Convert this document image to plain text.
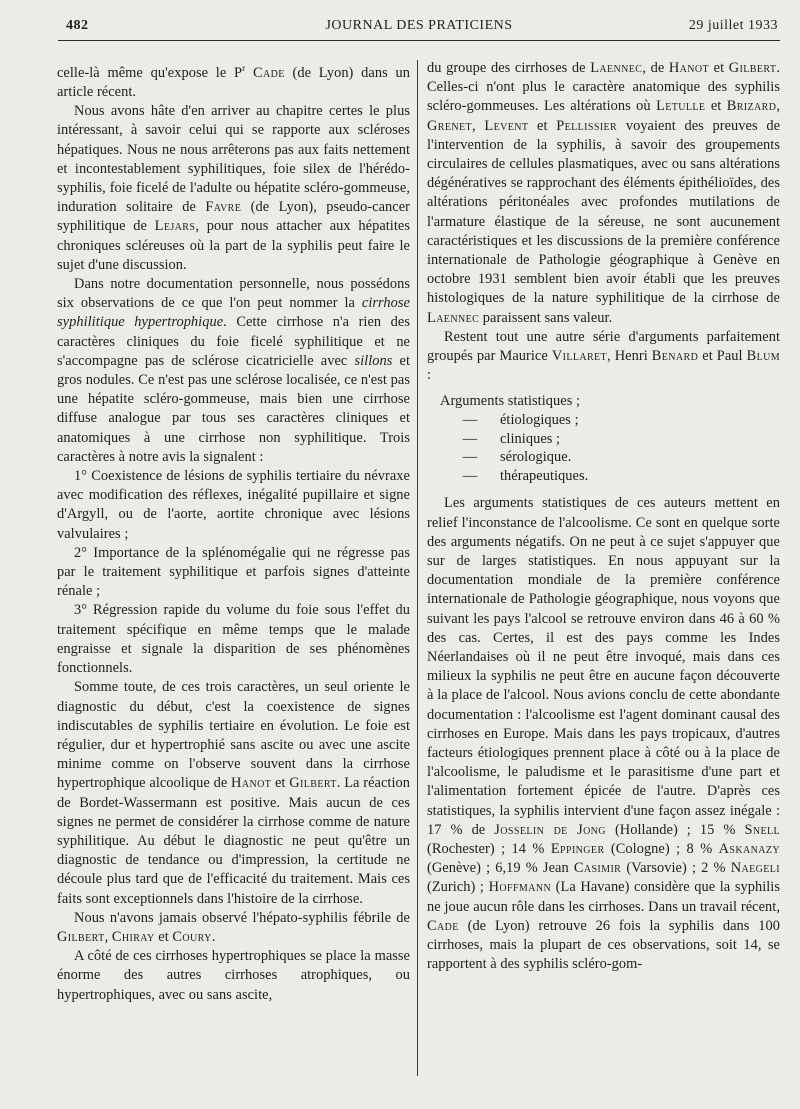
482	JOURNAL DES PRATICIENS	29 juillet 1933

celle-là même qu'expose le $P^r$ Cade (de Lyon) dans un article récent.

Nous avons hâte d'en arriver au chapitre certes le plus intéressant, à savoir celui qui se rapporte aux scléroses hépatiques. Nous ne nous arrêterons pas aux faits nettement et incontestablement syphilitiques, foie silex de l'hérédo-syphilis, foie ficelé de l'adulte ou hépatite scléro-gommeuse, induration solitaire de Favre (de Lyon), pseudo-cancer syphilitique de Lejars, pour nous attacher aux hépatites chroniques scléreuses où la part de la syphilis peut faire le sujet d'une discussion.

Dans notre documentation personnelle, nous possédons six observations de ce que l'on peut nommer la cirrhose syphilitique hypertrophique. Cette cirrhose n'a rien des caractères cliniques du foie ficelé syphilitique et ne s'accompagne pas de sclérose cicatricielle avec sillons et gros nodules. Ce n'est pas une sclérose localisée, ce n'est pas une hépatite scléro-gommeuse, mais bien une cirrhose diffuse analogue par tous ses caractères cliniques et anatomiques à une cirrhose non syphilitique. Trois caractères à notre avis la signalent :

1° Coexistence de lésions de syphilis tertiaire du névraxe avec modification des réflexes, inégalité pupillaire et signe d'Argyll, ou de l'aorte, aortite chronique avec lésions valvulaires ;

2° Importance de la splénomégalie qui ne régresse pas par le traitement syphilitique et parfois signes d'atteinte rénale ;

3° Régression rapide du volume du foie sous l'effet du traitement spécifique en même temps que le malade engraisse et signale la disparition de ses phénomènes fonctionnels.

Somme toute, de ces trois caractères, un seul oriente le diagnostic du début, c'est la coexistence de signes indiscutables de syphilis tertiaire en évolution. Le foie est régulier, dur et hypertrophié sans ascite ou avec une ascite minime comme on l'observe souvent dans la cirrhose hypertrophique alcoolique de Hanot et Gilbert. La réaction de Bordet-Wassermann est positive. Mais aucun de ces signes ne permet de considérer la cirrhose comme de nature syphilitique. Au début le diagnostic ne peut qu'être un diagnostic de tendance ou d'impression, la certitude ne découle plus tard que de l'efficacité du traitement. Mais ces faits sont exceptionnels dans l'histoire de la cirrhose.

Nous n'avons jamais observé l'hépato-syphilis fébrile de Gilbert, Chiray et Coury.

A côté de ces cirrhoses hypertrophiques se place la masse énorme des autres cirrhoses atrophiques, ou hypertrophiques, avec ou sans ascite,

du groupe des cirrhoses de Laennec, de Hanot et Gilbert. Celles-ci n'ont plus le caractère anatomique des syphilis scléro-gommeuses. Les altérations où Letulle et Brizard, Grenet, Levent et Pellissier voyaient des preuves de l'intervention de la syphilis, à savoir des groupements circulaires de cellules plasmatiques, avec ou sans altérations dégénératives se rapprochant des éléments épithélioïdes, des altérations péritonéales avec profondes mutilations de l'armature élastique de la séreuse, ne sont aucunement caractéristiques et les discussions de la première conférence internationale de Pathologie géographique à Genève en octobre 1931 semblent bien avoir établi que les preuves histologiques de la nature syphilitique de la cirrhose de Laennec paraissent sans valeur.

Restent tout une autre série d'arguments parfaitement groupés par Maurice Villaret, Henri Benard et Paul Blum :

Arguments statistiques ;
— étiologiques ;
— cliniques ;
— sérologique.
— thérapeutiques.

Les arguments statistiques de ces auteurs mettent en relief l'inconstance de l'alcoolisme. Ce sont en quelque sorte des arguments négatifs. On ne peut à ce sujet s'appuyer que sur de larges statistiques. En nous appuyant sur la documentation mondiale de la première conférence internationale de Pathologie géographique, nous voyons que suivant les pays l'alcool se retrouve environ dans 46 à 60 % des cas. Certes, il est des pays comme les Indes Néerlandaises où il ne peut être invoqué, mais dans ces milieux la syphilis ne peut être en aucune façon découverte à la place de l'alcool. Nous avions conclu de cette abondante documentation : l'alcoolisme est l'agent dominant causal des cirrhoses en Europe. Mais dans les pays tropicaux, d'autres facteurs étiologiques prennent place à côté ou à la place de l'alcoolisme, le paludisme et le parasitisme d'une part et l'alimentation fortement épicée de l'autre. D'après ces statistiques, la syphilis intervient d'une façon assez inégale : 17 % de Josselin de Jong (Hollande) ; 15 % Snell (Rochester) ; 14 % Eppinger (Cologne) ; 8 % Askanazy (Genève) ; 6,19 % Jean Casimir (Varsovie) ; 2 % Naegeli (Zurich) ; Hoffmann (La Havane) considère que la syphilis ne joue aucun rôle dans les cirrhoses. Dans un travail récent, Cade (de Lyon) retrouve 26 fois la syphilis dans 100 cirrhoses, mais la plupart de ces observations, soit 14, se rapportent à des syphilis scléro-gom-
